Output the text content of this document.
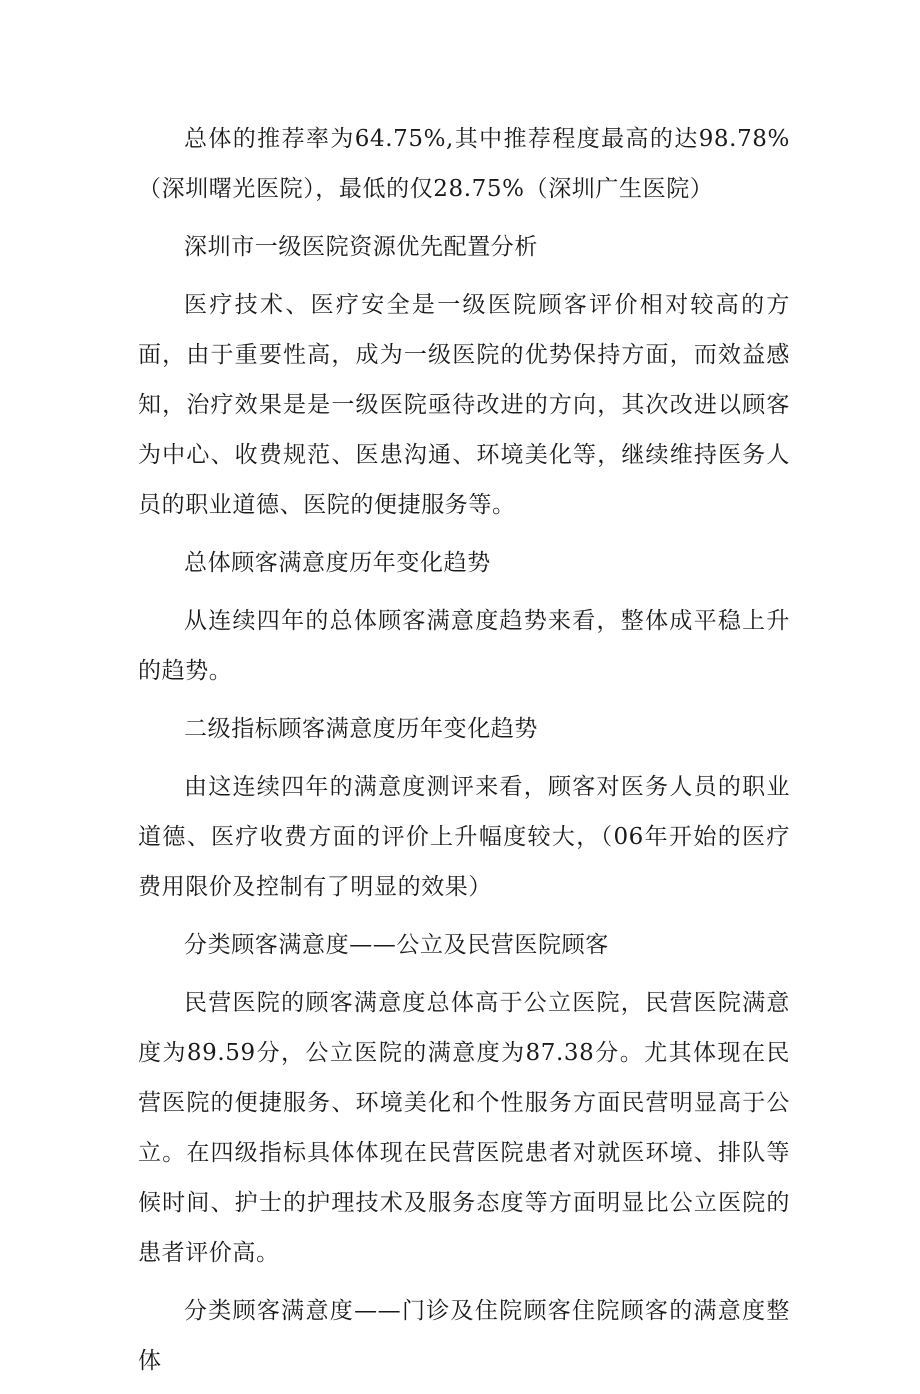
总体的推荐率为64.75%,其中推荐程度最高的达98.78%（深圳曙光医院），最低的仅28.75%（深圳广生医院）

深圳市一级医院资源优先配置分析

医疗技术、医疗安全是一级医院顾客评价相对较高的方面，由于重要性高，成为一级医院的优势保持方面，而效益感知，治疗效果是是一级医院亟待改进的方向，其次改进以顾客为中心、收费规范、医患沟通、环境美化等，继续维持医务人员的职业道德、医院的便捷服务等。

总体顾客满意度历年变化趋势

从连续四年的总体顾客满意度趋势来看，整体成平稳上升的趋势。

二级指标顾客满意度历年变化趋势

由这连续四年的满意度测评来看，顾客对医务人员的职业道德、医疗收费方面的评价上升幅度较大，（06年开始的医疗费用限价及控制有了明显的效果）

分类顾客满意度——公立及民营医院顾客

民营医院的顾客满意度总体高于公立医院，民营医院满意度为89.59分，公立医院的满意度为87.38分。尤其体现在民营医院的便捷服务、环境美化和个性服务方面民营明显高于公立。在四级指标具体体现在民营医院患者对就医环境、排队等候时间、护士的护理技术及服务态度等方面明显比公立医院的患者评价高。

分类顾客满意度——门诊及住院顾客住院顾客的满意度整体
